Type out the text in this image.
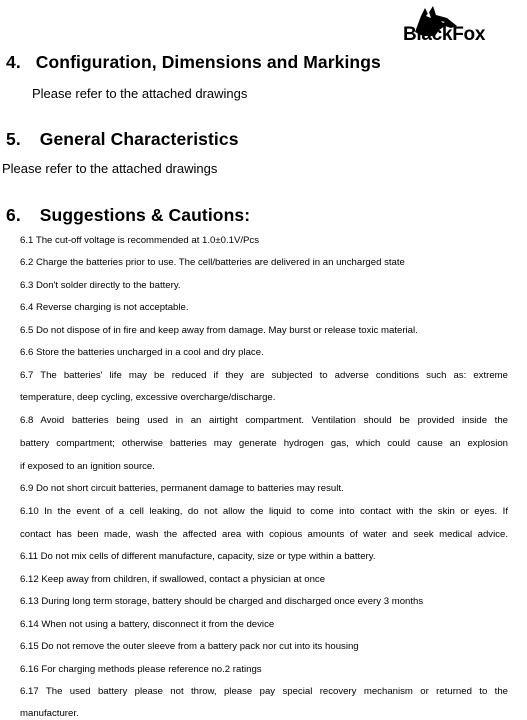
BlackFox
4. Configuration, Dimensions and Markings
Please refer to the attached drawings
5. General Characteristics
Please refer to the attached drawings
6. Suggestions & Cautions:
6.1 The cut-off voltage is recommended at 1.0±0.1V/Pcs
6.2 Charge the batteries prior to use. The cell/batteries are delivered in an uncharged state
6.3 Don't solder directly to the battery.
6.4 Reverse charging is not acceptable.
6.5 Do not dispose of in fire and keep away from damage. May burst or release toxic material.
6.6 Store the batteries uncharged in a cool and dry place.
6.7 The batteries' life may be reduced if they are subjected to adverse conditions such as: extreme
temperature, deep cycling, excessive overcharge/discharge.
6.8 Avoid batteries being used in an airtight compartment. Ventilation should be provided inside the
battery compartment; otherwise batteries may generate hydrogen gas, which could cause an explosion
if exposed to an ignition source.
6.9 Do not short circuit batteries, permanent damage to batteries may result.
6.10 In the event of a cell leaking, do not allow the liquid to come into contact with the skin or eyes. If
contact has been made, wash the affected area with copious amounts of water and seek medical advice.
6.11 Do not mix cells of different manufacture, capacity, size or type within a battery.
6.12 Keep away from children, if swallowed, contact a physician at once
6.13 During long term storage, battery should be charged and discharged once every 3 months
6.14 When not using a battery, disconnect it from the device
6.15 Do not remove the outer sleeve from a battery pack nor cut into its housing
6.16 For charging methods please reference no.2 ratings
6.17 The used battery please not throw, please pay special recovery mechanism or returned to the
manufacturer.
